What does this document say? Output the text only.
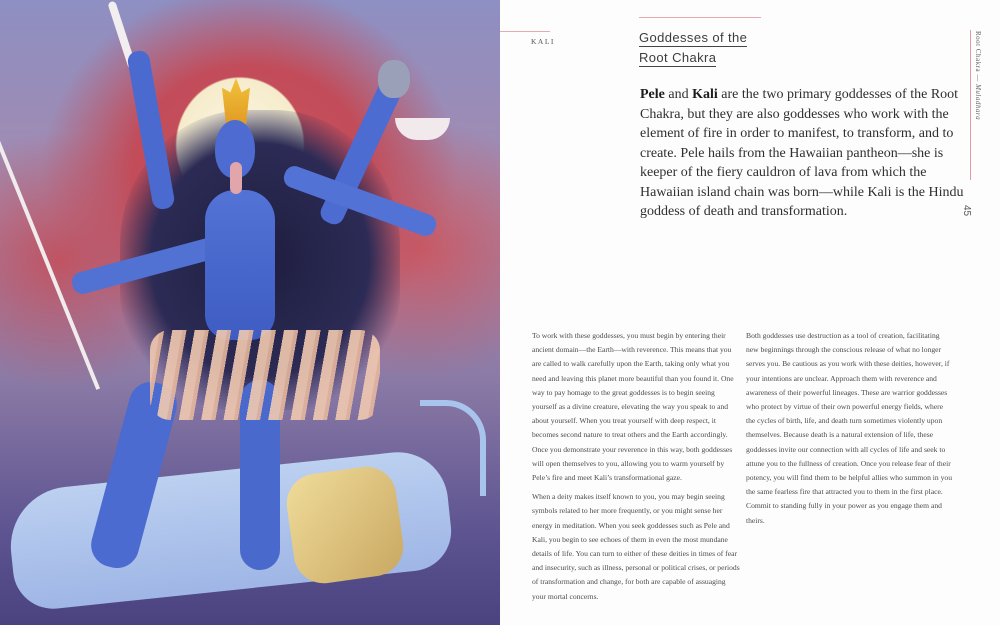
KALI	Goddesses of the
Root Chakra
Pele and Kali are the two primary goddesses of the Root Chakra, but they are also goddesses who work with the element of fire in order to manifest, to transform, and to create. Pele hails from the Hawaiian pantheon—she is keeper of the fiery cauldron of lava from which the Hawaiian island chain was born—while Kali is the Hindu goddess of death and transformation.
Root Chakra — Muladhara
45

To work with these goddesses, you must begin by entering their ancient domain—the Earth—with reverence. This means that you are called to walk carefully upon the Earth, taking only what you need and leaving this planet more beautiful than you found it. One way to pay homage to the great goddesses is to begin seeing yourself as a divine creature, elevating the way you speak to and about yourself. When you treat yourself with deep respect, it becomes second nature to treat others and the Earth accordingly. Once you demonstrate your reverence in this way, both goddesses will open themselves to you, allowing you to warm yourself by Pele’s fire and meet Kali’s transformational gaze.

When a deity makes itself known to you, you may begin seeing symbols related to her more frequently, or you might sense her energy in meditation. When you seek goddesses such as Pele and Kali, you begin to see echoes of them in even the most mundane details of life. You can turn to either of these deities in times of fear and insecurity, such as illness, personal or political crises, or periods of transformation and change, for both are capable of assuaging your mortal concerns.

Both goddesses use destruction as a tool of creation, facilitating new beginnings through the conscious release of what no longer serves you. Be cautious as you work with these deities, however, if your intentions are unclear. Approach them with reverence and awareness of their powerful lineages. These are warrior goddesses who protect by virtue of their own powerful energy fields, where the cycles of birth, life, and death turn sometimes violently upon themselves. Because death is a natural extension of life, these goddesses invite our connection with all cycles of life and seek to attune you to the fullness of creation. Once you release fear of their potency, you will find them to be helpful allies who summon in you the same fearless fire that attracted you to them in the first place. Commit to standing fully in your power as you engage them and theirs.
